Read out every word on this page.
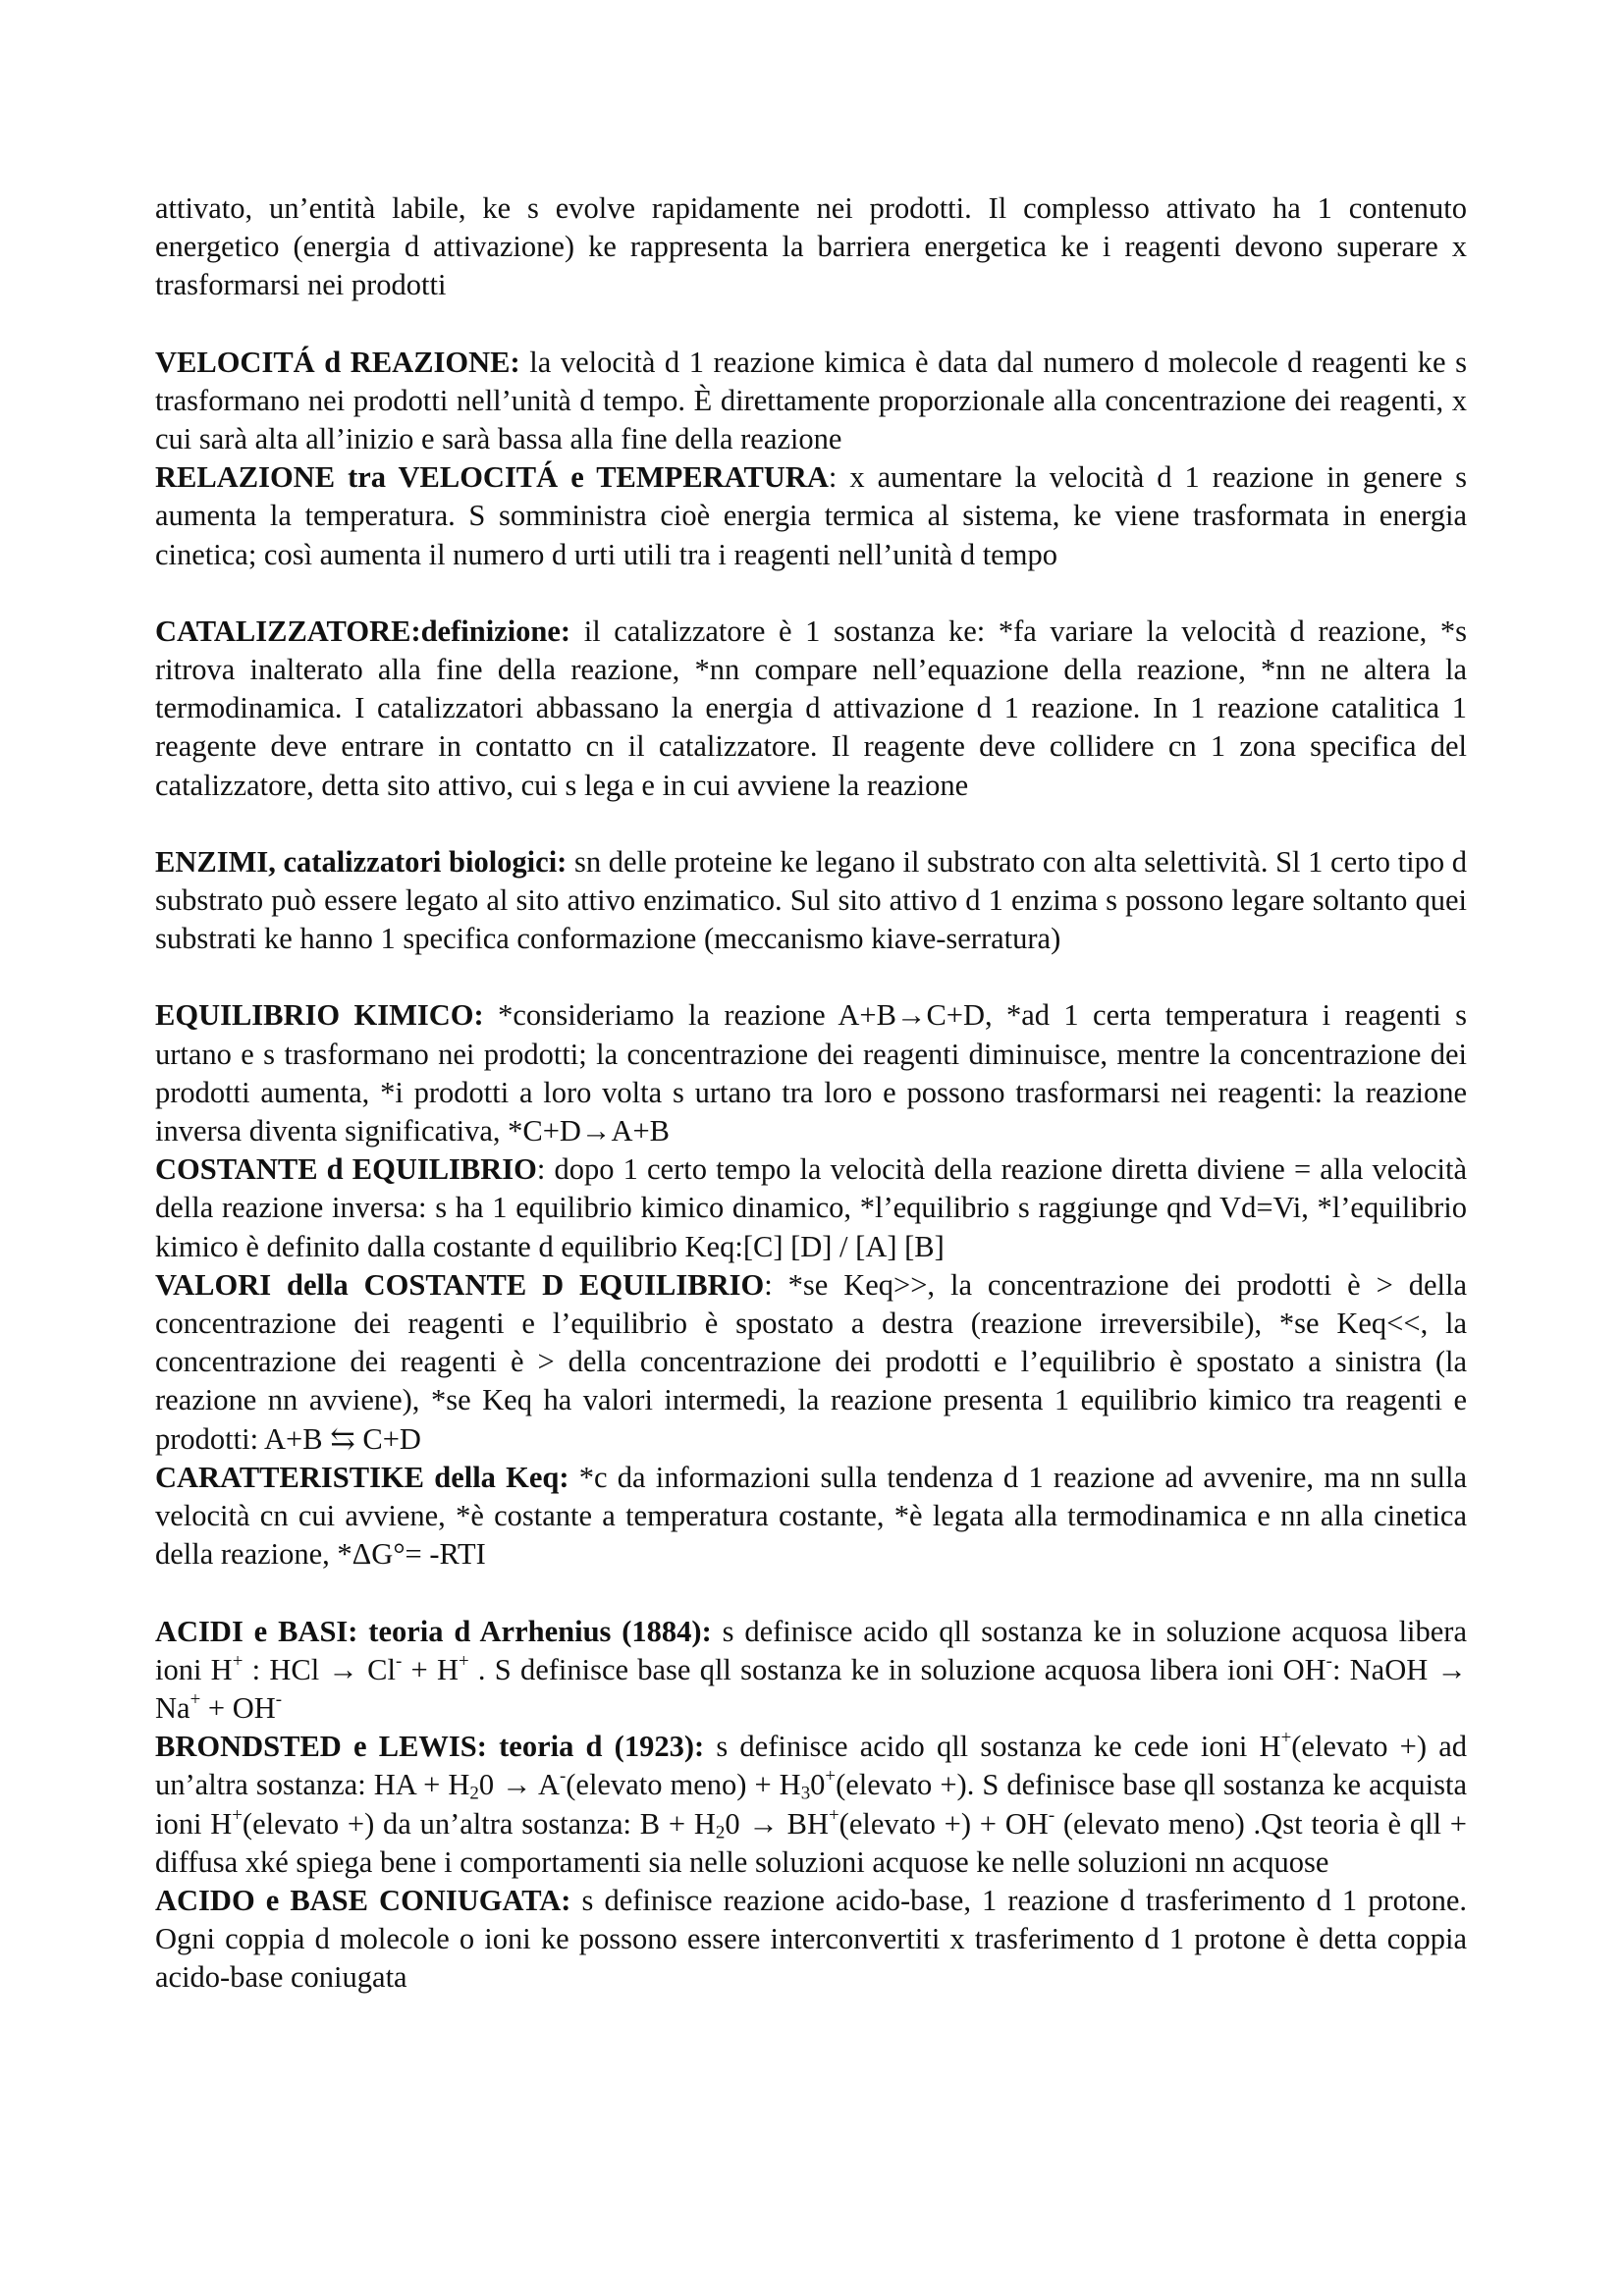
attivato, un’entità labile, ke s evolve rapidamente nei prodotti. Il complesso attivato ha 1 contenuto energetico (energia d attivazione) ke rappresenta la barriera energetica ke i reagenti devono superare x trasformarsi nei prodotti

VELOCITÁ d REAZIONE: la velocità d 1 reazione kimica è data dal numero d molecole d reagenti ke s trasformano nei prodotti nell’unità d tempo. È direttamente proporzionale alla concentrazione dei reagenti, x cui sarà alta all’inizio e sarà bassa alla fine della reazione

RELAZIONE tra VELOCITÁ e TEMPERATURA: x aumentare la velocità d 1 reazione in genere s aumenta la temperatura. S somministra cioè energia termica al sistema, ke viene trasformata in energia cinetica; così aumenta il numero d urti utili tra i reagenti nell’unità d tempo

CATALIZZATORE:definizione: il catalizzatore è 1 sostanza ke: *fa variare la velocità d reazione, *s ritrova inalterato alla fine della reazione, *nn compare nell’equazione della reazione, *nn ne altera la termodinamica. I catalizzatori abbassano la energia d attivazione d 1 reazione. In 1 reazione catalitica 1 reagente deve entrare in contatto cn il catalizzatore. Il reagente deve collidere cn 1 zona specifica del catalizzatore, detta sito attivo, cui s lega e in cui avviene la reazione

ENZIMI, catalizzatori biologici: sn delle proteine ke legano il substrato con alta selettività. Sl 1 certo tipo d substrato può essere legato al sito attivo enzimatico. Sul sito attivo d 1 enzima s possono legare soltanto quei substrati ke hanno 1 specifica conformazione (meccanismo kiave-serratura)

EQUILIBRIO KIMICO: *consideriamo la reazione A+B→C+D, *ad 1 certa temperatura i reagenti s urtano e s trasformano nei prodotti; la concentrazione dei reagenti diminuisce, mentre la concentrazione dei prodotti aumenta, *i prodotti a loro volta s urtano tra loro e possono trasformarsi nei reagenti: la reazione inversa diventa significativa, *C+D→A+B

COSTANTE d EQUILIBRIO: dopo 1 certo tempo la velocità della reazione diretta diviene = alla velocità della reazione inversa: s ha 1 equilibrio kimico dinamico, *l’equilibrio s raggiunge qnd Vd=Vi, *l’equilibrio kimico è definito dalla costante d equilibrio Keq:[C] [D] / [A] [B]

VALORI della COSTANTE D EQUILIBRIO: *se Keq>>, la concentrazione dei prodotti è > della concentrazione dei reagenti e l’equilibrio è spostato a destra (reazione irreversibile), *se Keq<<, la concentrazione dei reagenti è > della concentrazione dei prodotti e l’equilibrio è spostato a sinistra (la reazione nn avviene), *se Keq ha valori intermedi, la reazione presenta 1 equilibrio kimico tra reagenti e prodotti: A+B ⇆ C+D

CARATTERISTIKE della Keq: *c da informazioni sulla tendenza d 1 reazione ad avvenire, ma nn sulla velocità cn cui avviene, *è costante a temperatura costante, *è legata alla termodinamica e nn alla cinetica della reazione, *ΔG°= -RTI

ACIDI e BASI: teoria d Arrhenius (1884): s definisce acido qll sostanza ke in soluzione acquosa libera ioni H+ : HCl → Cl- + H+ . S definisce base qll sostanza ke in soluzione acquosa libera ioni OH-: NaOH → Na+ + OH-

BRONDSTED e LEWIS: teoria d (1923): s definisce acido qll sostanza ke cede ioni H+(elevato +) ad un’altra sostanza: HA + $H_20$ → A-(elevato meno) + $H_30^+(elevato$ +). S definisce base qll sostanza ke acquista ioni H+(elevato +) da un’altra sostanza: $B + H_20$ → BH+(elevato +) + OH- (elevato meno) .Qst teoria è qll + diffusa xké spiega bene i comportamenti sia nelle soluzioni acquose ke nelle soluzioni nn acquose

ACIDO e BASE CONIUGATA: s definisce reazione acido-base, 1 reazione d trasferimento d 1 protone. Ogni coppia d molecole o ioni ke possono essere interconvertiti x trasferimento d 1 protone è detta coppia acido-base coniugata
